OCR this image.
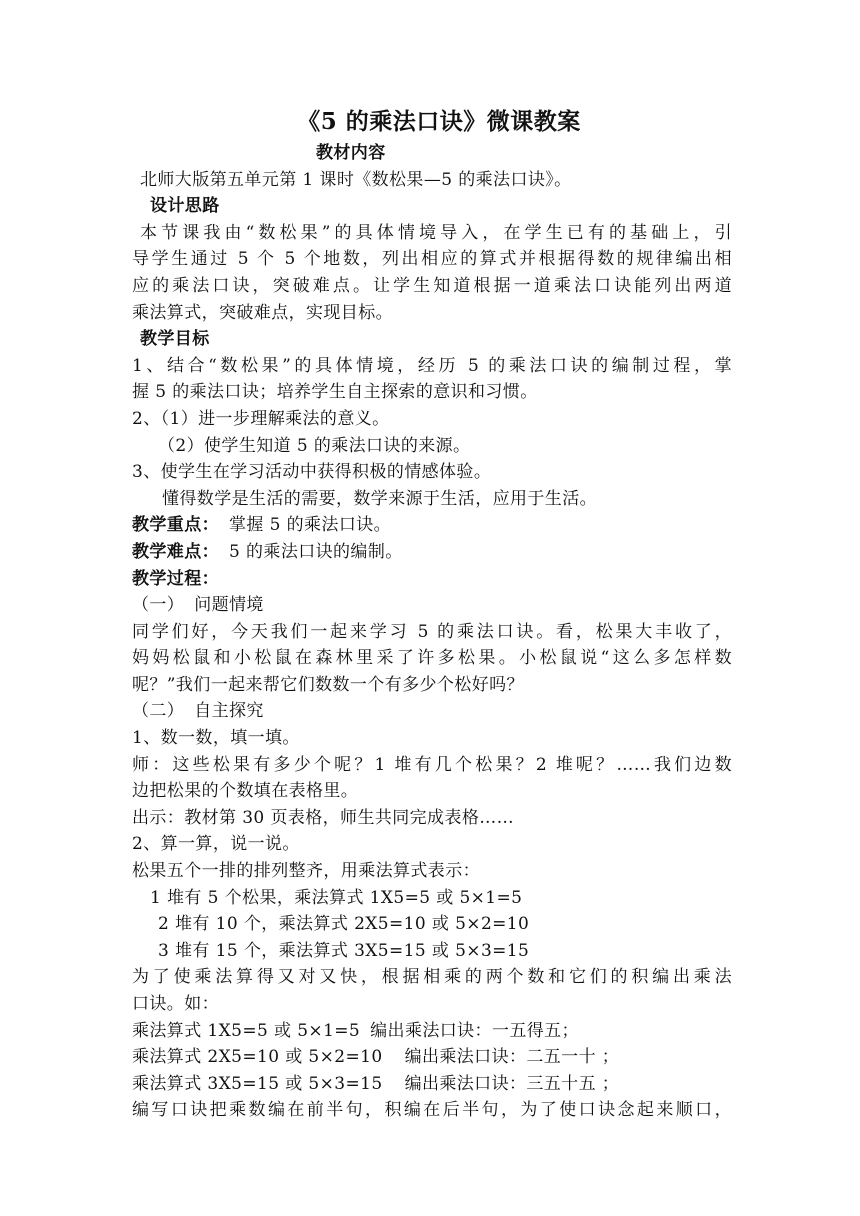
《5 的乘法口诀》微课教案
教材内容
北师大版第五单元第 1 课时《数松果—5 的乘法口诀》。
设计思路
本节课我由“数松果”的具体情境导入，在学生已有的基础上，引
导学生通过 5 个 5 个地数，列出相应的算式并根据得数的规律编出相
应的乘法口诀，突破难点。让学生知道根据一道乘法口诀能列出两道
乘法算式，突破难点，实现目标。
教学目标
1、结合“数松果”的具体情境，经历 5 的乘法口诀的编制过程，掌
握 5 的乘法口诀；培养学生自主探索的意识和习惯。
2、（1）进一步理解乘法的意义。
（2）使学生知道 5 的乘法口诀的来源。
3、使学生在学习活动中获得积极的情感体验。
懂得数学是生活的需要，数学来源于生活，应用于生活。
教学重点： 掌握 5 的乘法口诀。
教学难点： 5 的乘法口诀的编制。
教学过程：
（一） 问题情境
同学们好，今天我们一起来学习 5 的乘法口诀。看，松果大丰收了，
妈妈松鼠和小松鼠在森林里采了许多松果。小松鼠说“这么多怎样数
呢？”我们一起来帮它们数数一个有多少个松好吗？
（二） 自主探究
1、数一数，填一填。
师：这些松果有多少个呢？1 堆有几个松果？2 堆呢？……我们边数
边把松果的个数填在表格里。
出示：教材第 30 页表格，师生共同完成表格……
2、算一算，说一说。
松果五个一排的排列整齐，用乘法算式表示：
1 堆有 5 个松果，乘法算式 1X5=5 或 5×1=5
2 堆有 10 个，乘法算式 2X5=10 或 5×2=10
3 堆有 15 个，乘法算式 3X5=15 或 5×3=15
为了使乘法算得又对又快，根据相乘的两个数和它们的积编出乘法
口诀。如：
乘法算式 1X5=5 或 5×1=5 编出乘法口诀：一五得五；
乘法算式 2X5=10 或 5×2=10 编出乘法口诀：二五一十 ；
乘法算式 3X5=15 或 5×3=15 编出乘法口诀：三五十五 ；
编写口诀把乘数编在前半句，积编在后半句，为了使口诀念起来顺口，
